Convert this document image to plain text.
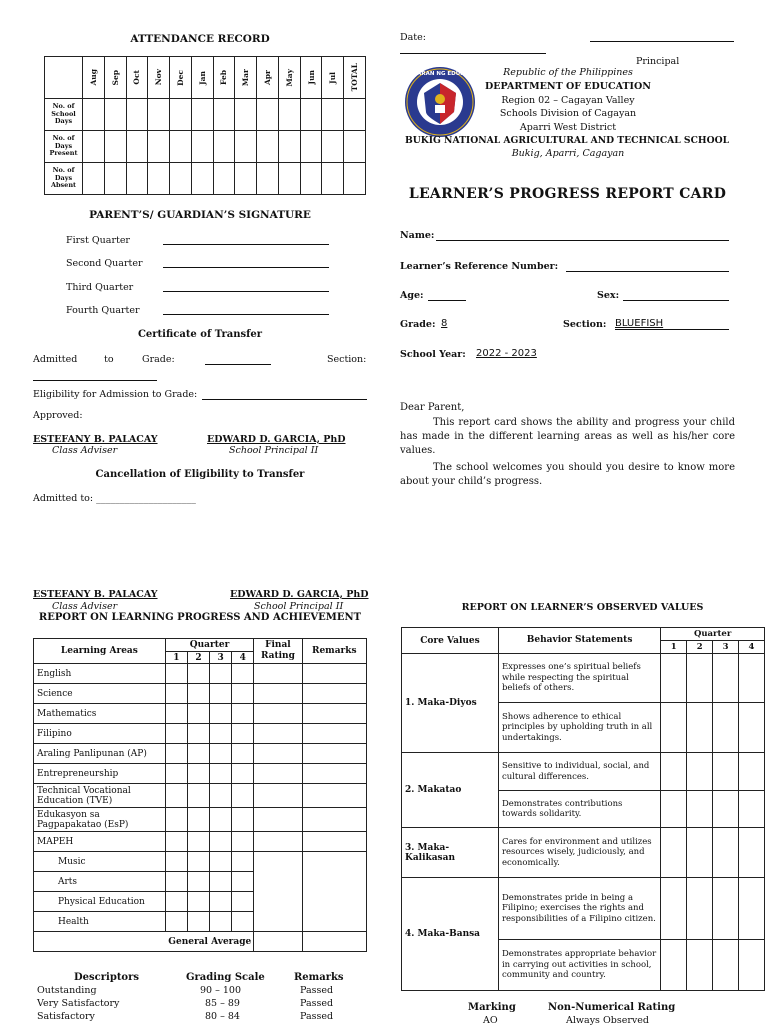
ATTENDANCE RECORD

	Aug	Sep	Oct	Nov	Dec	Jan	Feb	Mar	Apr	May	Jun	Jul	TOTAL

No. of School Days													
No. of Days Present													
No. of Days Absent													
PARENT’S/ GUARDIAN’S SIGNATURE
First Quarter
Second Quarter
Third Quarter
Fourth Quarter
Certificate of Transfer
Admitted	to	Grade:	Section:
Eligibility for Admission to Grade:
Approved:
ESTEFANY B. PALACAY
Class Adviser
EDWARD D. GARCIA, PhD
School Principal II
Cancellation of Eligibility to Transfer
Admitted to: _____________________
ESTEFANY B. PALACAY
Class Adviser
EDWARD D. GARCIA, PhD
School Principal II
REPORT ON LEARNING PROGRESS AND ACHIEVEMENT
Learning Areas	Quarter				Final Rating	Remarks
	1	2	3	4		
English						
Science						
Mathematics						
Filipino						
Araling Panlipunan (AP)						
Entrepreneurship						
Technical Vocational Education (TVE)						
Edukasyon sa Pagpapakatao (EsP)						
MAPEH						
Music						
Arts						
Physical Education						
Health						
General Average						
Descriptors	Grading Scale	Remarks
Outstanding	90 – 100	Passed
Very Satisfactory	85 – 89	Passed
Satisfactory	80 – 84	Passed
Date:
Principal
KAGAWARAN NG EDUKASYON	Republic of the Philippines
DEPARTMENT OF EDUCATION
Region 02 – Cagayan Valley
Schools Division of Cagayan
Aparri West District
BUKIG NATIONAL AGRICULTURAL AND TECHNICAL SCHOOL
Bukig, Aparri, Cagayan
LEARNER’S PROGRESS REPORT CARD
Name:
Learner’s Reference Number:
Age:	Sex:
Grade: 8	Section: BLUEFISH
School Year: 2022 - 2023
Dear Parent,
This report card shows the ability and progress your child has made in the different learning areas as well as his/her core values.
The school welcomes you should you desire to know more about your child’s progress.
REPORT ON LEARNER’S OBSERVED VALUES
Core Values	Behavior Statements	Quarter			
		1	2	3	4
1. Maka-Diyos	Expresses one’s spiritual beliefs while respecting the spiritual beliefs of others.				
	Shows adherence to ethical principles by upholding truth in all undertakings.				
2. Makatao	Sensitive to individual, social, and cultural differences.				
	Demonstrates contributions towards solidarity.				
3. Maka-Kalikasan	Cares for environment and utilizes resources wisely, judiciously, and economically.				
4. Maka-Bansa	Demonstrates pride in being a Filipino; exercises the rights and responsibilities of a Filipino citizen.				
	Demonstrates appropriate behavior in carrying out activities in school, community and country.				
Marking	Non-Numerical Rating
AO	Always Observed
